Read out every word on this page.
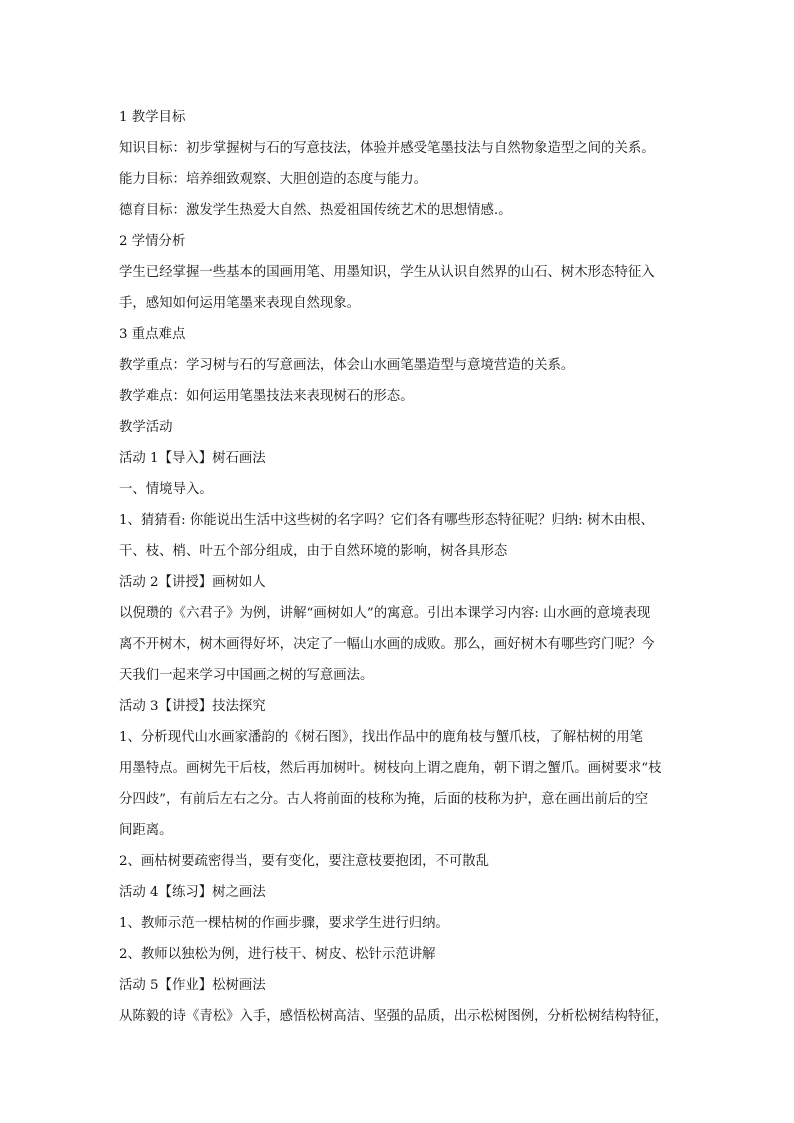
1 教学目标
知识目标：初步掌握树与石的写意技法，体验并感受笔墨技法与自然物象造型之间的关系。
能力目标：培养细致观察、大胆创造的态度与能力。
德育目标：激发学生热爱大自然、热爱祖国传统艺术的思想情感.。
2 学情分析
学生已经掌握一些基本的国画用笔、用墨知识，学生从认识自然界的山石、树木形态特征入
手，感知如何运用笔墨来表现自然现象。
3 重点难点
教学重点：学习树与石的写意画法，体会山水画笔墨造型与意境营造的关系。
教学难点：如何运用笔墨技法来表现树石的形态。
教学活动
活动 1【导入】树石画法
一、情境导入。
1、猜猜看: 你能说出生活中这些树的名字吗？它们各有哪些形态特征呢？归纳: 树木由根、
干、枝、梢、叶五个部分组成，由于自然环境的影响，树各具形态
活动 2【讲授】画树如人
以倪瓒的《六君子》为例，讲解“画树如人”的寓意。引出本课学习内容: 山水画的意境表现
离不开树木，树木画得好坏，决定了一幅山水画的成败。那么，画好树木有哪些窍门呢？今
天我们一起来学习中国画之树的写意画法。
活动 3【讲授】技法探究
1、分析现代山水画家潘韵的《树石图》，找出作品中的鹿角枝与蟹爪枝，了解枯树的用笔
用墨特点。画树先干后枝，然后再加树叶。树枝向上谓之鹿角，朝下谓之蟹爪。画树要求“枝
分四歧”，有前后左右之分。古人将前面的枝称为掩，后面的枝称为护，意在画出前后的空
间距离。
2、画枯树要疏密得当，要有变化，要注意枝要抱团，不可散乱
活动 4【练习】树之画法
1、教师示范一棵枯树的作画步骤，要求学生进行归纳。
2、教师以独松为例，进行枝干、树皮、松针示范讲解
活动 5【作业】松树画法
从陈毅的诗《青松》入手，感悟松树高洁、坚强的品质，出示松树图例，分析松树结构特征，
